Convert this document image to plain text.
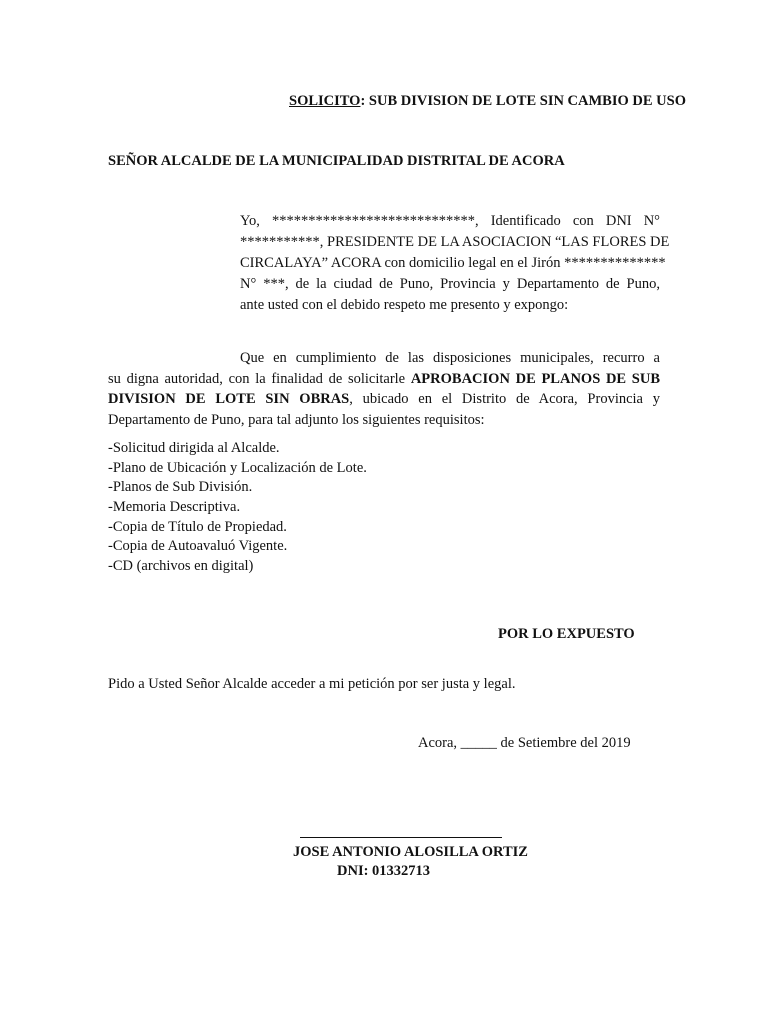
SOLICITO: SUB DIVISION DE LOTE SIN CAMBIO DE USO
SEÑOR ALCALDE DE LA MUNICIPALIDAD DISTRITAL DE ACORA
Yo, ****************************, Identificado con DNI N°
***********, PRESIDENTE DE LA ASOCIACION “LAS FLORES DE
CIRCALAYA” ACORA con domicilio legal en el Jirón **************
N° ***, de la ciudad de Puno, Provincia y Departamento de Puno,
ante usted con el debido respeto me presento y expongo:
Que en cumplimiento de las disposiciones municipales, recurro a
su digna autoridad, con la finalidad de solicitarle APROBACION DE PLANOS DE SUB
DIVISION DE LOTE SIN OBRAS, ubicado en el Distrito de Acora, Provincia y
Departamento de Puno, para tal adjunto los siguientes requisitos:
-Solicitud dirigida al Alcalde.
-Plano de Ubicación y Localización de Lote.
-Planos de Sub División.
-Memoria Descriptiva.
-Copia de Título de Propiedad.
-Copia de Autoavaluó Vigente.
-CD (archivos en digital)
POR LO EXPUESTO
Pido a Usted Señor Alcalde acceder a mi petición por ser justa y legal.
Acora, _____ de Setiembre del 2019
JOSE ANTONIO ALOSILLA ORTIZ
DNI: 01332713
